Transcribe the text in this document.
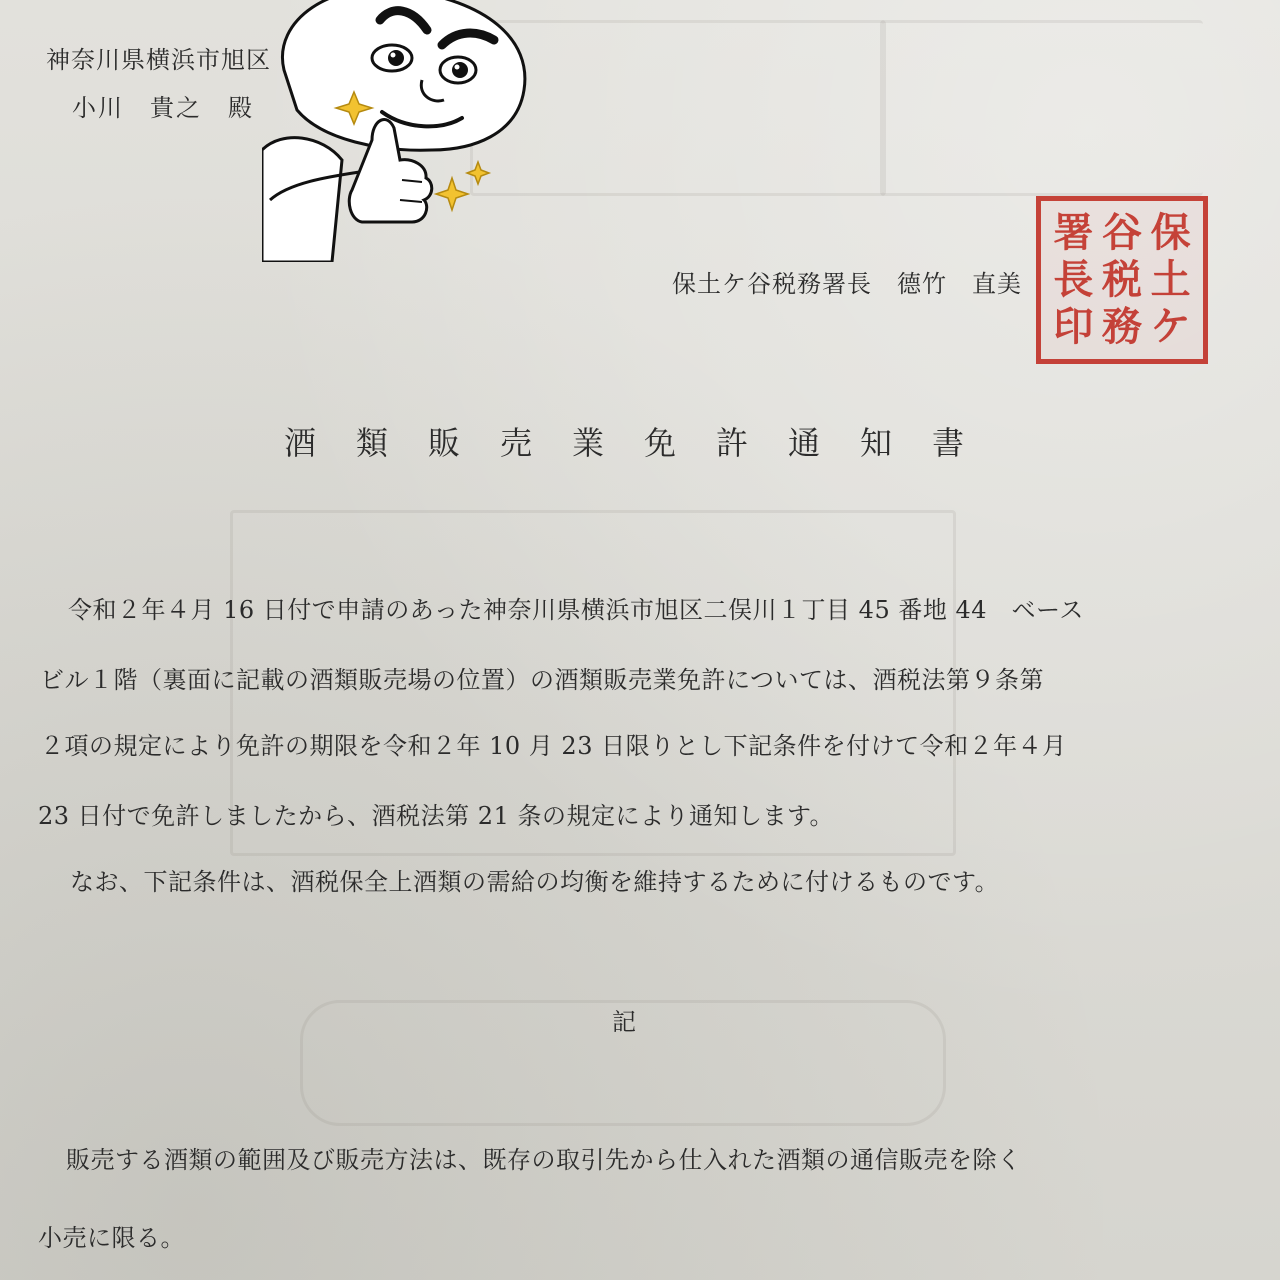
神奈川県横浜市旭区
小川　貴之　殿
保土ケ谷税務署長　德竹　直美
保
土
ケ
谷
税
務
署
長
印
酒類販売業免許通知書
令和２年４月 16 日付で申請のあった神奈川県横浜市旭区二俣川１丁目 45 番地 44　ベース
ビル１階（裏面に記載の酒類販売場の位置）の酒類販売業免許については、酒税法第９条第
２項の規定により免許の期限を令和２年 10 月 23 日限りとし下記条件を付けて令和２年４月
23 日付で免許しましたから、酒税法第 21 条の規定により通知します。
なお、下記条件は、酒税保全上酒類の需給の均衡を維持するために付けるものです。
記
販売する酒類の範囲及び販売方法は、既存の取引先から仕入れた酒類の通信販売を除く
小売に限る。
